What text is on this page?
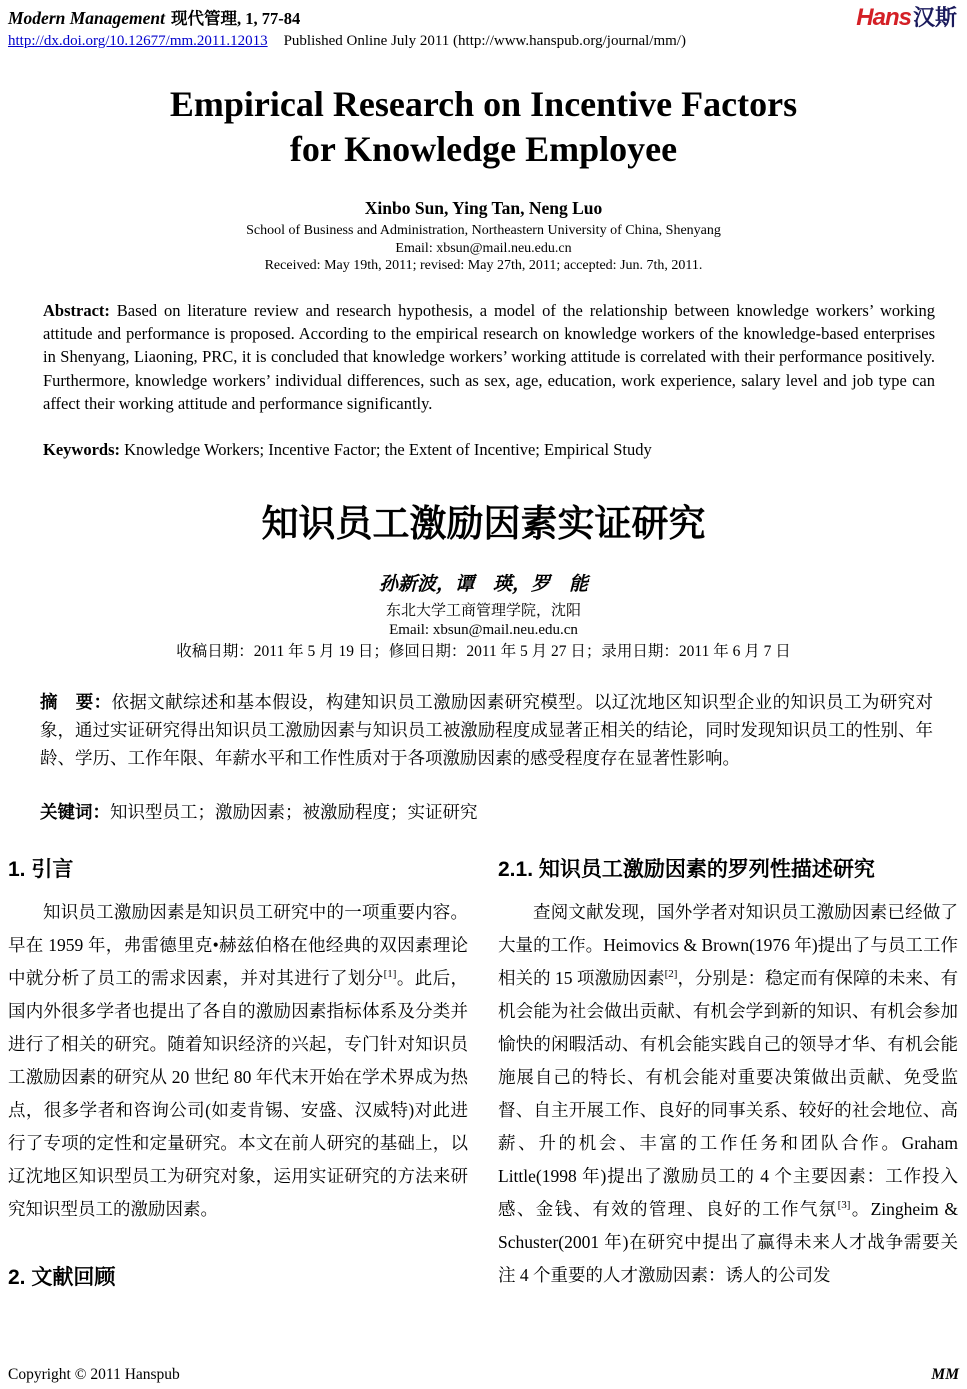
Modern Management 现代管理, 1, 77-84	Hans汉斯
http://dx.doi.org/10.12677/mm.2011.12013 Published Online July 2011 (http://www.hanspub.org/journal/mm/)
Empirical Research on Incentive Factors
for Knowledge Employee
Xinbo Sun, Ying Tan, Neng Luo
School of Business and Administration, Northeastern University of China, Shenyang
Email: xbsun@mail.neu.edu.cn
Received: May 19th, 2011; revised: May 27th, 2011; accepted: Jun. 7th, 2011.

Abstract: Based on literature review and research hypothesis, a model of the relationship between knowledge workers’ working attitude and performance is proposed. According to the empirical research on knowledge workers of the knowledge-based enterprises in Shenyang, Liaoning, PRC, it is concluded that knowledge workers’ working attitude is correlated with their performance positively. Furthermore, knowledge workers’ individual differences, such as sex, age, education, work experience, salary level and job type can affect their working attitude and performance significantly.

Keywords: Knowledge Workers; Incentive Factor; the Extent of Incentive; Empirical Study

知识员工激励因素实证研究
孙新波，谭　瑛，罗　能
东北大学工商管理学院，沈阳
Email: xbsun@mail.neu.edu.cn
收稿日期：2011 年 5 月 19 日；修回日期：2011 年 5 月 27 日；录用日期：2011 年 6 月 7 日

摘　要：依据文献综述和基本假设，构建知识员工激励因素研究模型。以辽沈地区知识型企业的知识员工为研究对象，通过实证研究得出知识员工激励因素与知识员工被激励程度成显著正相关的结论，同时发现知识员工的性别、年龄、学历、工作年限、年薪水平和工作性质对于各项激励因素的感受程度存在显著性影响。

关键词：知识型员工；激励因素；被激励程度；实证研究

1. 引言

知识员工激励因素是知识员工研究中的一项重要内容。早在 1959 年，弗雷德里克•赫兹伯格在他经典的双因素理论中就分析了员工的需求因素，并对其进行了划分[1]。此后，国内外很多学者也提出了各自的激励因素指标体系及分类并进行了相关的研究。随着知识经济的兴起，专门针对知识员工激励因素的研究从 20 世纪 80 年代末开始在学术界成为热点，很多学者和咨询公司(如麦肯锡、安盛、汉威特)对此进行了专项的定性和定量研究。本文在前人研究的基础上，以辽沈地区知识型员工为研究对象，运用实证研究的方法来研究知识型员工的激励因素。

2. 文献回顾
2.1. 知识员工激励因素的罗列性描述研究

查阅文献发现，国外学者对知识员工激励因素已经做了大量的工作。Heimovics & Brown(1976 年)提出了与员工工作相关的 15 项激励因素[2]，分别是：稳定而有保障的未来、有机会能为社会做出贡献、有机会学到新的知识、有机会参加愉快的闲暇活动、有机会能实践自己的领导才华、有机会能施展自己的特长、有机会能对重要决策做出贡献、免受监督、自主开展工作、良好的同事关系、较好的社会地位、高薪、升的机会、丰富的工作任务和团队合作。Graham Little(1998 年)提出了激励员工的 4 个主要因素：工作投入感、金钱、有效的管理、良好的工作气氛[3]。Zingheim & Schuster(2001 年)在研究中提出了赢得未来人才战争需要关注 4 个重要的人才激励因素：诱人的公司发

Copyright © 2011 Hanspub	MM
